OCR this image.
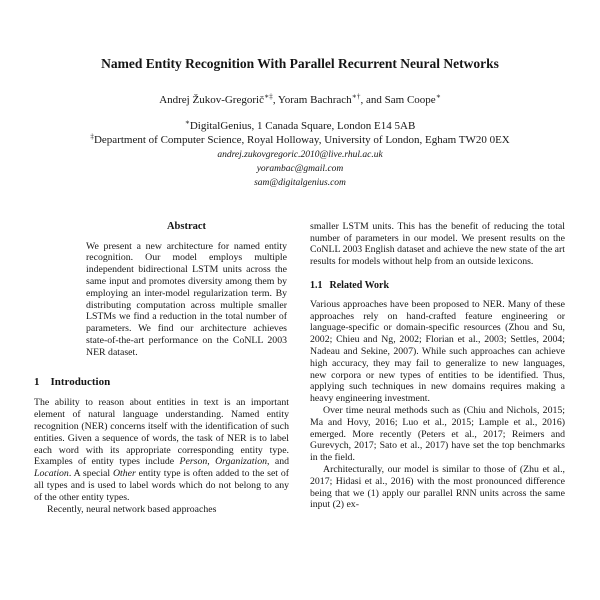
Named Entity Recognition With Parallel Recurrent Neural Networks
Andrej Žukov-Gregorič∗‡, Yoram Bachrach∗†, and Sam Coope∗
∗DigitalGenius, 1 Canada Square, London E14 5AB
‡Department of Computer Science, Royal Holloway, University of London, Egham TW20 0EX
andrej.zukovgregoric.2010@live.rhul.ac.uk
yorambac@gmail.com
sam@digitalgenius.com
Abstract

We present a new architecture for named entity recognition. Our model employs multiple independent bidirectional LSTM units across the same input and promotes diversity among them by employing an inter-model regularization term. By distributing computation across multiple smaller LSTMs we find a reduction in the total number of parameters. We find our architecture achieves state-of-the-art performance on the CoNLL 2003 NER dataset.

1 Introduction

The ability to reason about entities in text is an important element of natural language understanding. Named entity recognition (NER) concerns itself with the identification of such entities. Given a sequence of words, the task of NER is to label each word with its appropriate corresponding entity type. Examples of entity types include Person, Organization, and Location. A special Other entity type is often added to the set of all types and is used to label words which do not belong to any of the other entity types.

Recently, neural network based approaches

smaller LSTM units. This has the benefit of reducing the total number of parameters in our model. We present results on the CoNLL 2003 English dataset and achieve the new state of the art results for models without help from an outside lexicons.

1.1 Related Work

Various approaches have been proposed to NER. Many of these approaches rely on hand-crafted feature engineering or language-specific or domain-specific resources (Zhou and Su, 2002; Chieu and Ng, 2002; Florian et al., 2003; Settles, 2004; Nadeau and Sekine, 2007). While such approaches can achieve high accuracy, they may fail to generalize to new languages, new corpora or new types of entities to be identified. Thus, applying such techniques in new domains requires making a heavy engineering investment.

Over time neural methods such as (Chiu and Nichols, 2015; Ma and Hovy, 2016; Luo et al., 2015; Lample et al., 2016) emerged. More recently (Peters et al., 2017; Reimers and Gurevych, 2017; Sato et al., 2017) have set the top benchmarks in the field.

Architecturally, our model is similar to those of (Zhu et al., 2017; Hidasi et al., 2016) with the most pronounced difference being that we (1) apply our parallel RNN units across the same input (2) ex-
